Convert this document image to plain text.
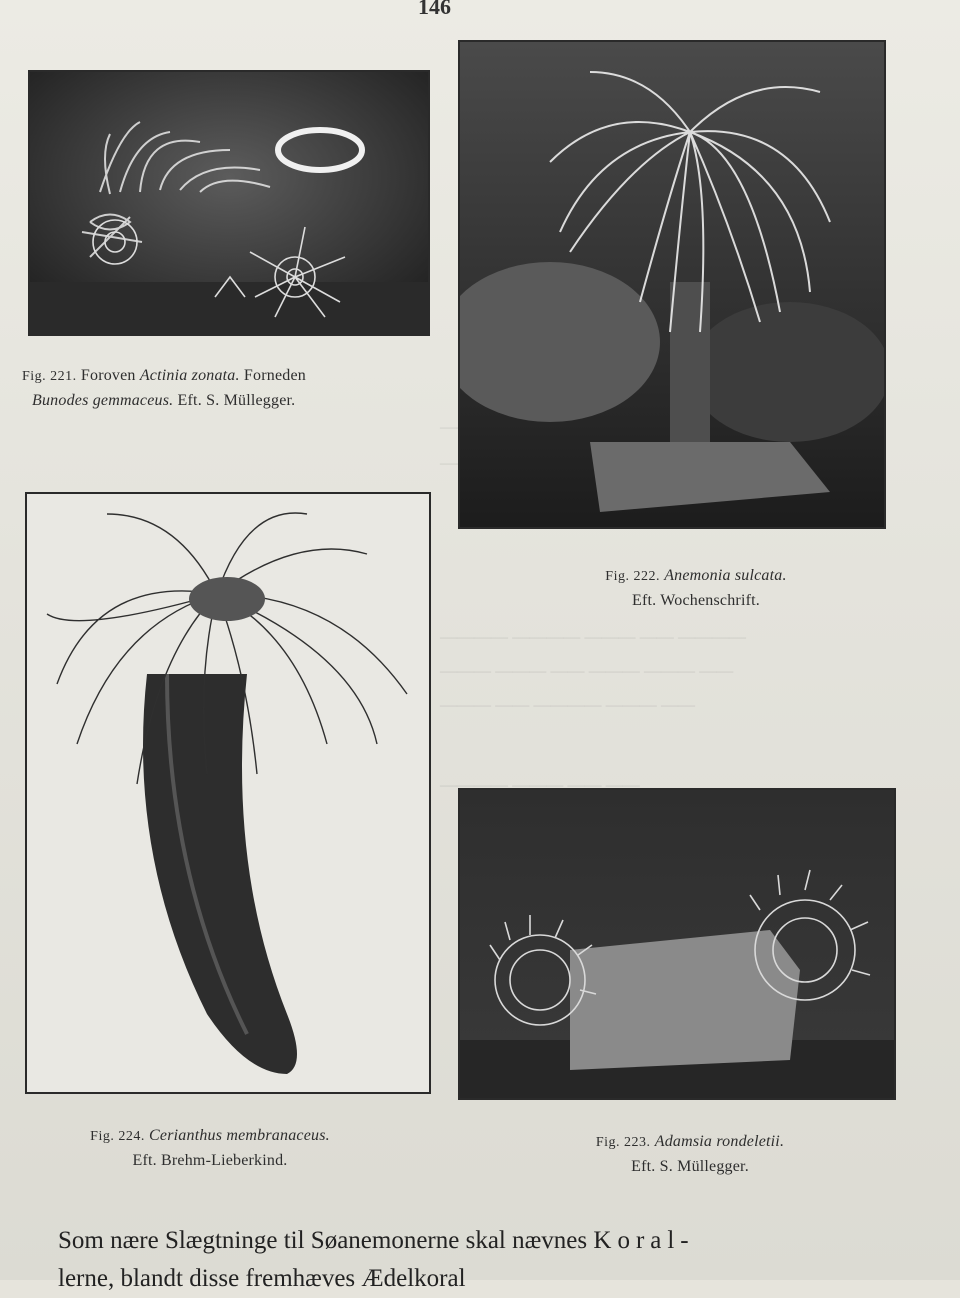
146
Fig. 221. Foroven Actinia zonata. Forneden
Bunodes gemmaceus. Eft. S. Müllegger.
Fig. 222. Anemonia sulcata.
Eft. Wochenschrift.
Fig. 224. Cerianthus membranaceus.
Eft. Brehm-Lieberkind.
Fig. 223. Adamsia rondeletii.
Eft. S. Müllegger.
Som nære Slægtninge til Søanemonerne skal nævnes Koral-
lerne, blandt disse fremhæves Ædelkoral
